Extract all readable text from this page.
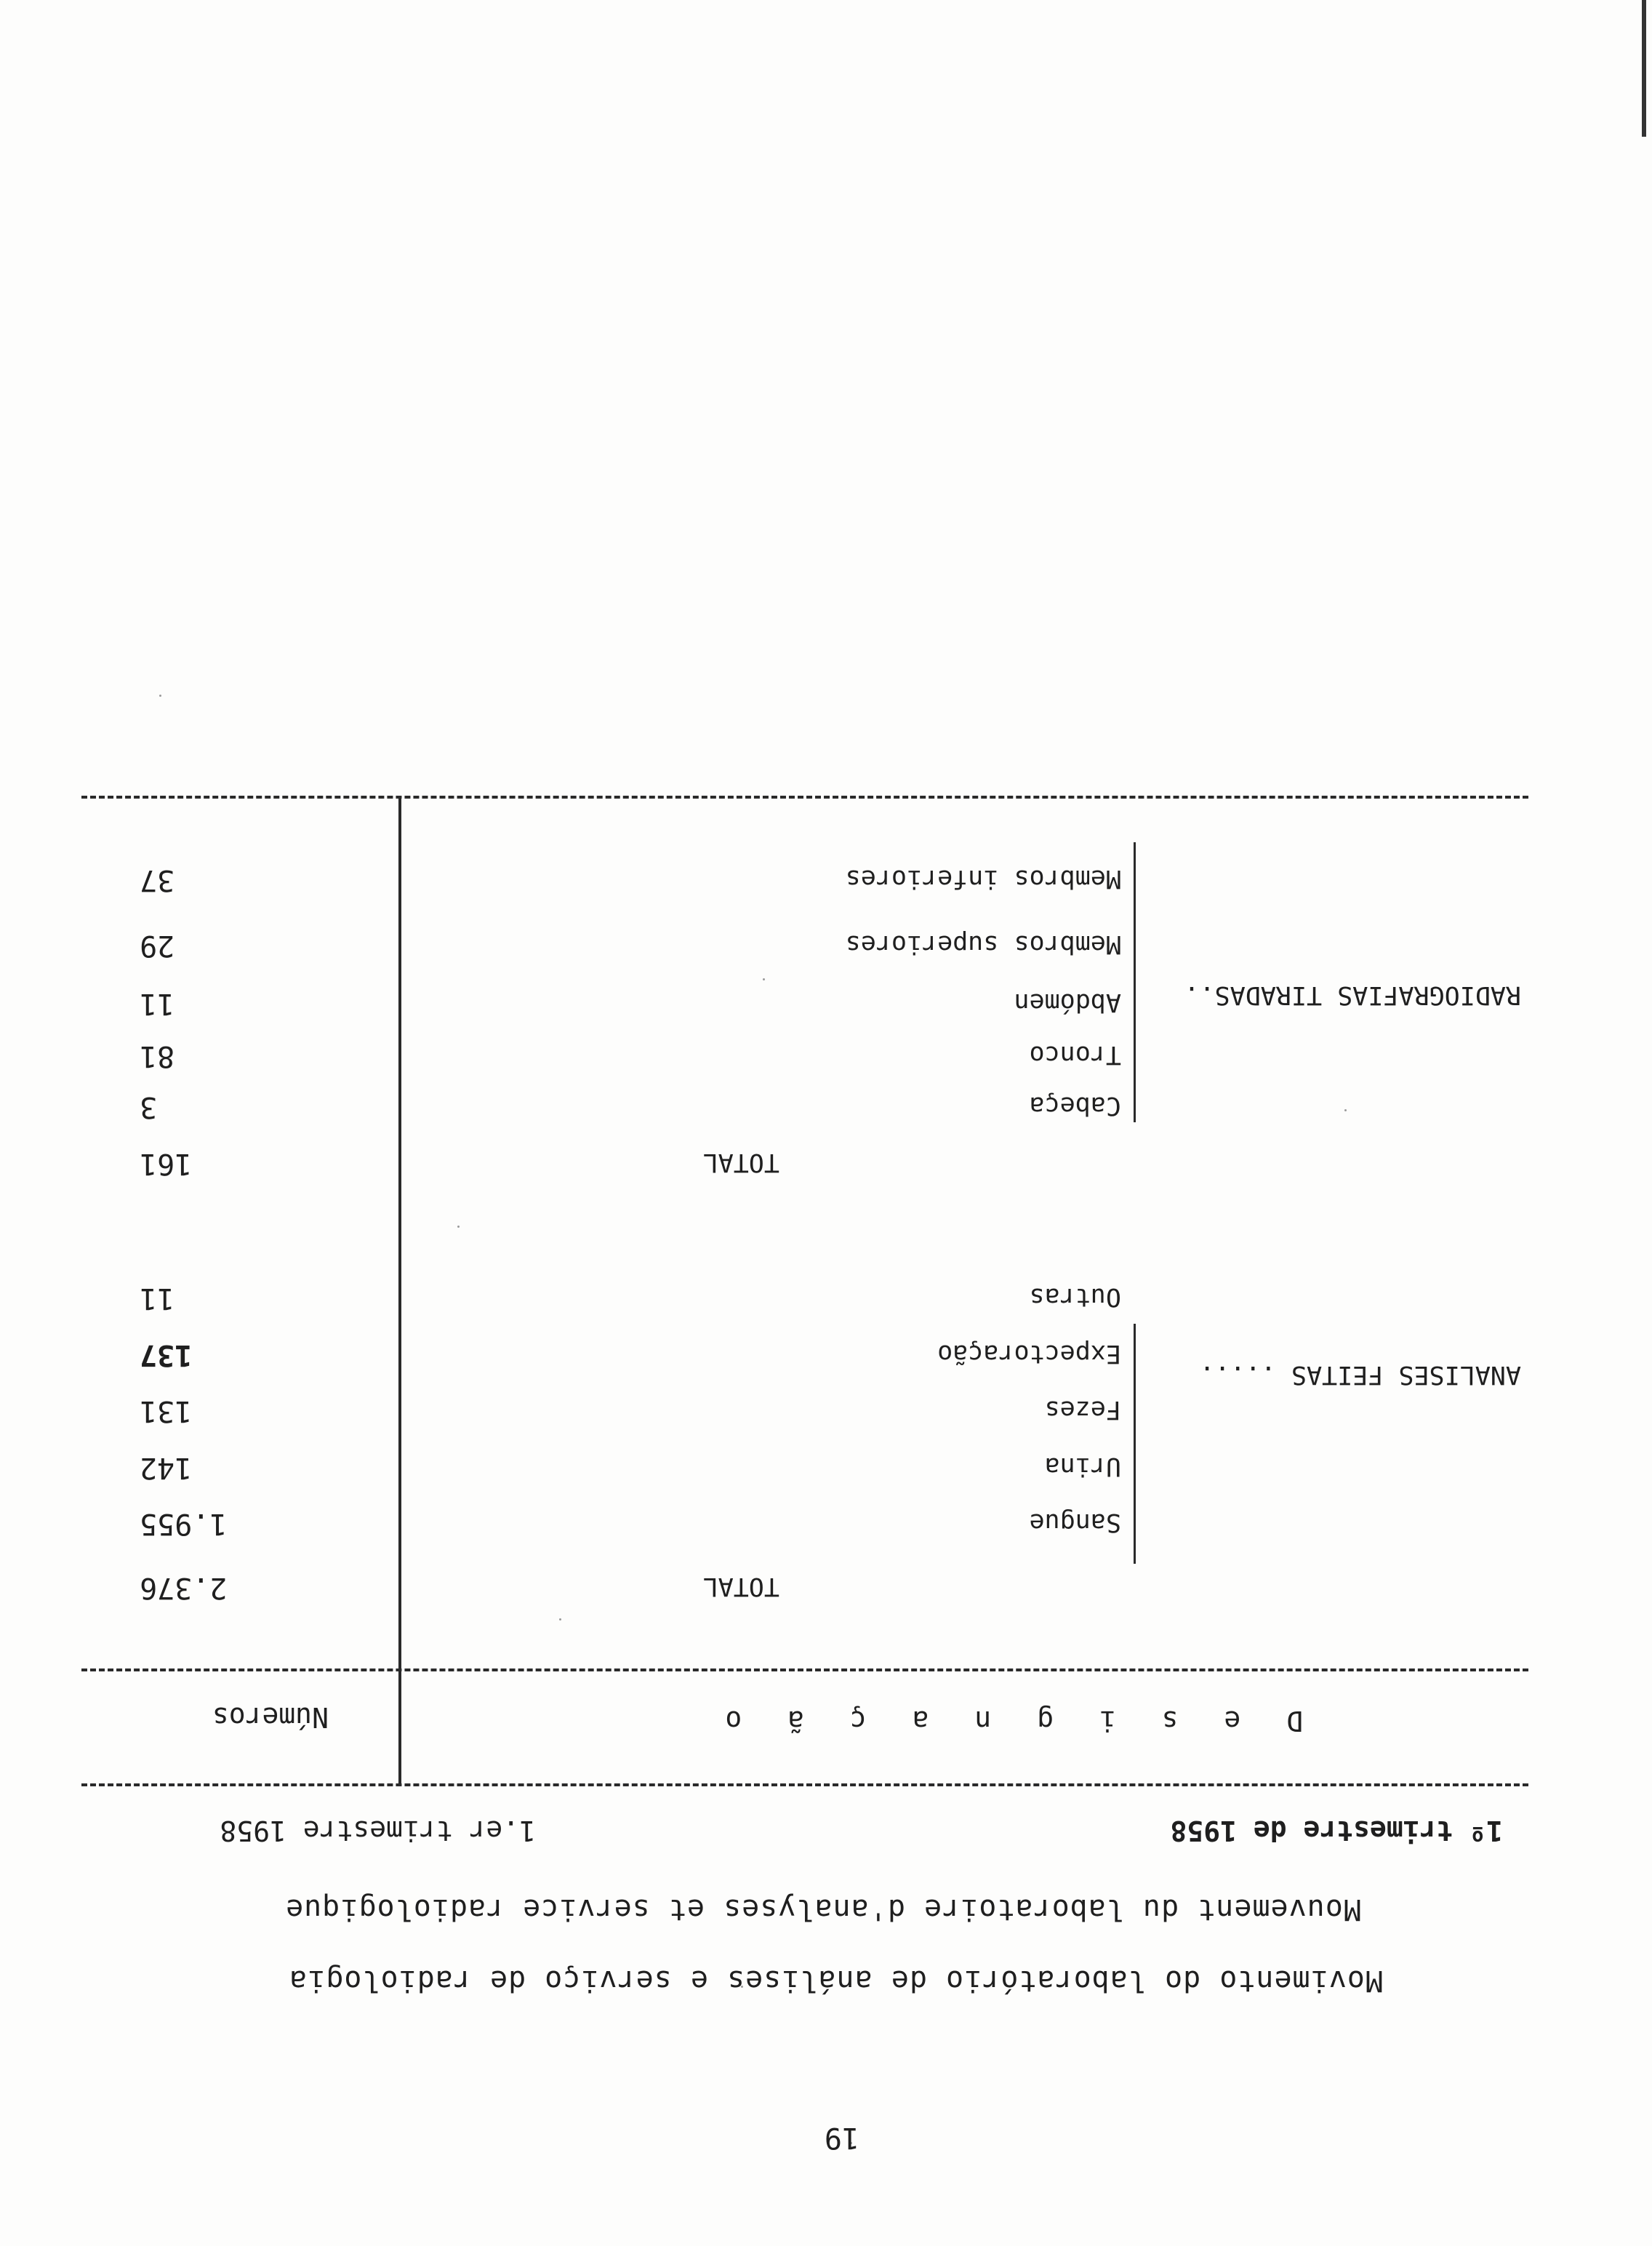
19
Movimento do laboratório de análises e serviço de radiologia
Mouvement du laboratoire d'analyses et service radiologique
1º trimestre de 1958
1.er trimestre 1958
D e s i g n a ç ã o
Números
TOTAL
2.376
ANALISES FEITAS .....
Sangue
1.955
Urina
142
Fezes
131
Expectoração
137
Outras
11
TOTAL
161
RADIOGRAFIAS TIRADAS..
Cabeça
3
Tronco
81
Abdómen
11
Membros superiores
29
Membros inferiores
37
